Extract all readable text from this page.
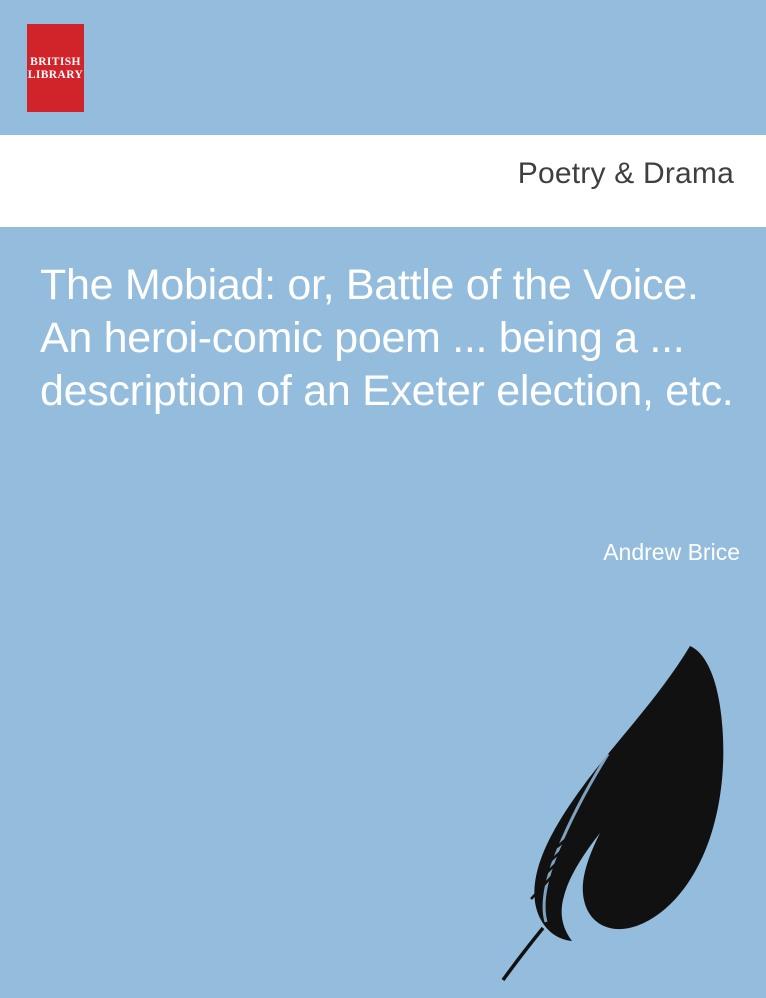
BRITISH
LIBRARY
Poetry & Drama
The Mobiad: or, Battle of the Voice. An heroi-comic poem ... being a ... description of an Exeter election, etc.
Andrew Brice
